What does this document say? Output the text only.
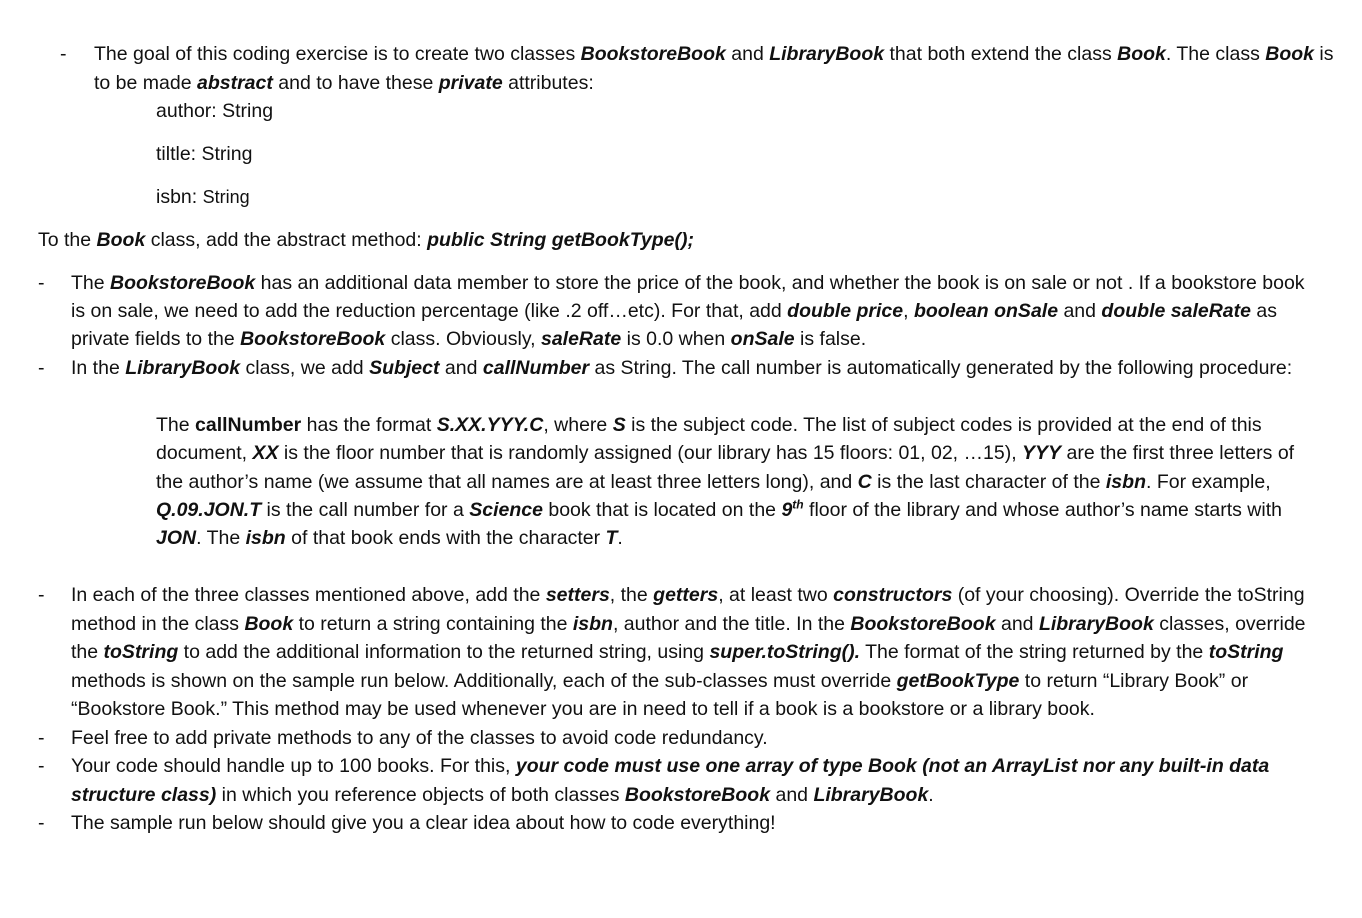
- The goal of this coding exercise is to create two classes BookstoreBook and LibraryBook that both extend the class Book. The class Book is
to be made abstract and to have these private attributes:
author: String
tiltle: String
isbn: String
To the Book class, add the abstract method: public String getBookType();
- The BookstoreBook has an additional data member to store the price of the book, and whether the book is on sale or not . If a bookstore book
is on sale, we need to add the reduction percentage (like .2 off…etc). For that, add double price, boolean onSale and double saleRate as
private fields to the BookstoreBook class. Obviously, saleRate is 0.0 when onSale is false.
- In the LibraryBook class, we add Subject and callNumber as String. The call number is automatically generated by the following procedure:
The callNumber has the format S.XX.YYY.C, where S is the subject code. The list of subject codes is provided at the end of this
document, XX is the floor number that is randomly assigned (our library has 15 floors: 01, 02, …15), YYY are the first three letters of
the author’s name (we assume that all names are at least three letters long), and C is the last character of the isbn. For example,
Q.09.JON.T is the call number for a Science book that is located on the 9th floor of the library and whose author’s name starts with
JON. The isbn of that book ends with the character T.
- In each of the three classes mentioned above, add the setters, the getters, at least two constructors (of your choosing). Override the toString
method in the class Book to return a string containing the isbn, author and the title. In the BookstoreBook and LibraryBook classes, override
the toString to add the additional information to the returned string, using super.toString(). The format of the string returned by the toString
methods is shown on the sample run below. Additionally, each of the sub-classes must override getBookType to return “Library Book” or
“Bookstore Book.” This method may be used whenever you are in need to tell if a book is a bookstore or a library book.
- Feel free to add private methods to any of the classes to avoid code redundancy.
- Your code should handle up to 100 books. For this, your code must use one array of type Book (not an ArrayList nor any built-in data
structure class) in which you reference objects of both classes BookstoreBook and LibraryBook.
- The sample run below should give you a clear idea about how to code everything!
